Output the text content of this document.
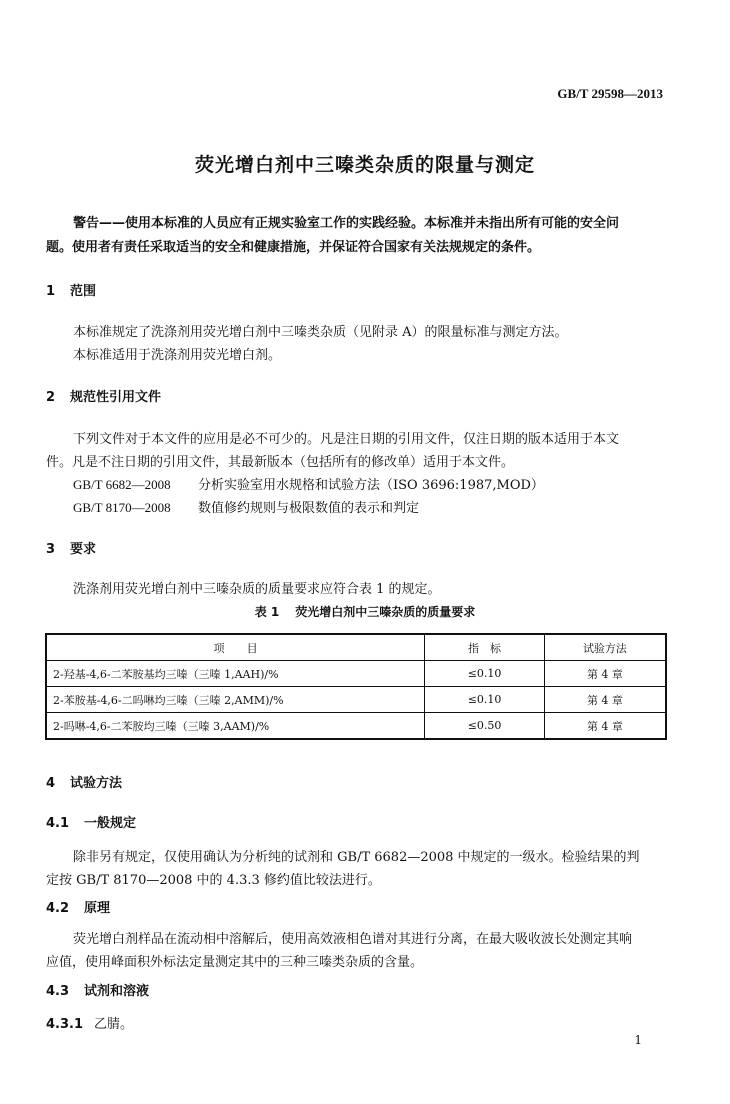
GB/T 29598—2013
荧光增白剂中三嗪类杂质的限量与测定
警告——使用本标准的人员应有正规实验室工作的实践经验。本标准并未指出所有可能的安全问
题。使用者有责任采取适当的安全和健康措施，并保证符合国家有关法规规定的条件。
1 范围
本标准规定了洗涤剂用荧光增白剂中三嗪类杂质（见附录 A）的限量标准与测定方法。
本标准适用于洗涤剂用荧光增白剂。
2 规范性引用文件
下列文件对于本文件的应用是必不可少的。凡是注日期的引用文件，仅注日期的版本适用于本文
件。凡是不注日期的引用文件，其最新版本（包括所有的修改单）适用于本文件。
GB/T 6682—2008 分析实验室用水规格和试验方法（ISO 3696:1987,MOD）
GB/T 8170—2008 数值修约规则与极限数值的表示和判定
3 要求
洗涤剂用荧光增白剂中三嗪杂质的质量要求应符合表 1 的规定。
表 1 荧光增白剂中三嗪杂质的质量要求
项　　目	指　标	试验方法
2-羟基-4,6-二苯胺基均三嗪（三嗪 1,AAH)/%	≤0.10	第 4 章
2-苯胺基-4,6-二吗啉均三嗪（三嗪 2,AMM)/%	≤0.10	第 4 章
2-吗啉-4,6-二苯胺均三嗪（三嗪 3,AAM)/%	≤0.50	第 4 章
4 试验方法
4.1 一般规定
除非另有规定，仅使用确认为分析纯的试剂和 GB/T 6682—2008 中规定的一级水。检验结果的判
定按 GB/T 8170—2008 中的 4.3.3 修约值比较法进行。
4.2 原理
荧光增白剂样品在流动相中溶解后，使用高效液相色谱对其进行分离，在最大吸收波长处测定其响
应值，使用峰面积外标法定量测定其中的三种三嗪类杂质的含量。
4.3 试剂和溶液
4.3.1 乙腈。
1
